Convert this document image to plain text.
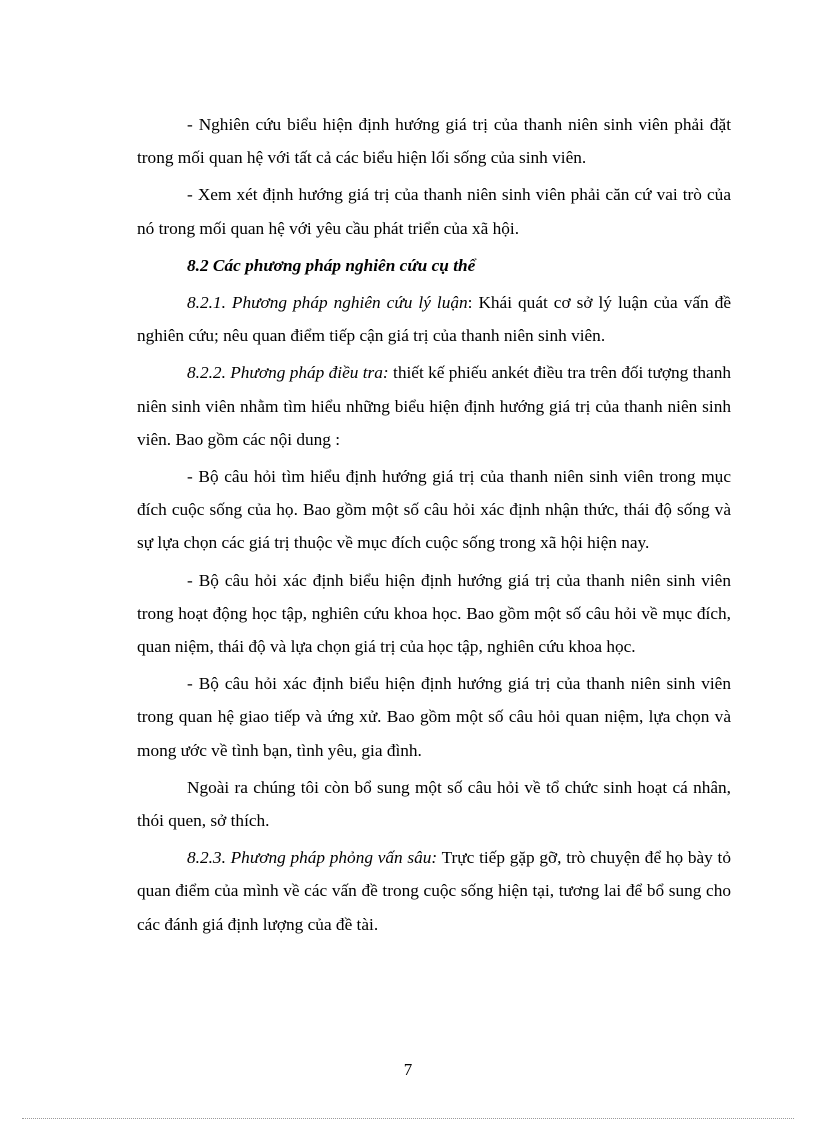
- Nghiên cứu biểu hiện định hướng giá trị của thanh niên sinh viên phải đặt trong mối quan hệ với tất cả các biểu hiện lối sống của sinh viên.

- Xem xét định hướng giá trị của thanh niên sinh viên phải căn cứ vai trò của nó trong mối quan hệ với yêu cầu phát triển của xã hội.

8.2 Các phương pháp nghiên cứu cụ thể

8.2.1. Phương pháp nghiên cứu lý luận: Khái quát cơ sở lý luận của vấn đề nghiên cứu; nêu quan điểm tiếp cận giá trị của thanh niên sinh viên.

8.2.2. Phương pháp điều tra: thiết kế phiếu ankét điều tra trên đối tượng thanh niên sinh viên nhằm tìm hiểu những biểu hiện định hướng giá trị của thanh niên sinh viên. Bao gồm các nội dung :

- Bộ câu hỏi tìm hiểu định hướng giá trị của thanh niên sinh viên trong mục đích cuộc sống của họ. Bao gồm một số câu hỏi xác định nhận thức, thái độ sống và sự lựa chọn các giá trị thuộc về mục đích cuộc sống trong xã hội hiện nay.

- Bộ câu hỏi xác định biểu hiện định hướng giá trị của thanh niên sinh viên trong hoạt động học tập, nghiên cứu khoa học. Bao gồm một số câu hỏi về mục đích, quan niệm, thái độ và lựa chọn giá trị của học tập, nghiên cứu khoa học.

- Bộ câu hỏi xác định biểu hiện định hướng giá trị của thanh niên sinh viên trong quan hệ giao tiếp và ứng xử. Bao gồm một số câu hỏi quan niệm, lựa chọn và mong ước về tình bạn, tình yêu, gia đình.

Ngoài ra chúng tôi còn bổ sung một số câu hỏi về tổ chức sinh hoạt cá nhân, thói quen, sở thích.

8.2.3. Phương pháp phỏng vấn sâu: Trực tiếp gặp gỡ, trò chuyện để họ bày tỏ quan điểm của mình về các vấn đề trong cuộc sống hiện tại, tương lai để bổ sung cho các đánh giá định lượng của đề tài.

7
